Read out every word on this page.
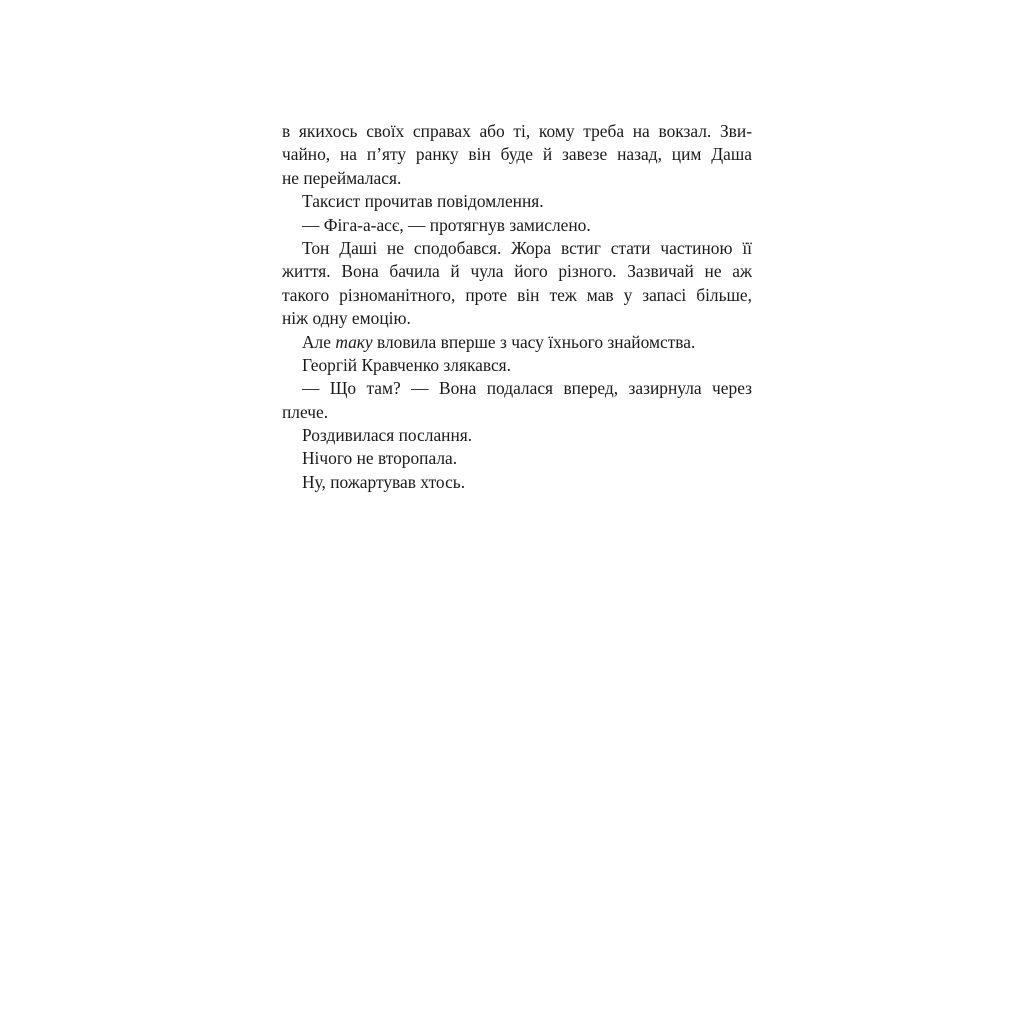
в якихось своїх справах або ті, кому треба на вокзал. Зви-
чайно, на п’яту ранку він буде й завезе назад, цим Даша
не переймалася.
Таксист прочитав повідомлення.
— Фіга-а-асє, — протягнув замислено.
Тон Даші не сподобався. Жора встиг стати частиною її
життя. Вона бачила й чула його різного. Зазвичай не аж
такого різноманітного, проте він теж мав у запасі більше,
ніж одну емоцію.
Але таку вловила вперше з часу їхнього знайомства.
Георгій Кравченко злякався.
— Що там? — Вона подалася вперед, зазирнула через
плече.
Роздивилася послання.
Нічого не второпала.
Ну, пожартував хтось.
